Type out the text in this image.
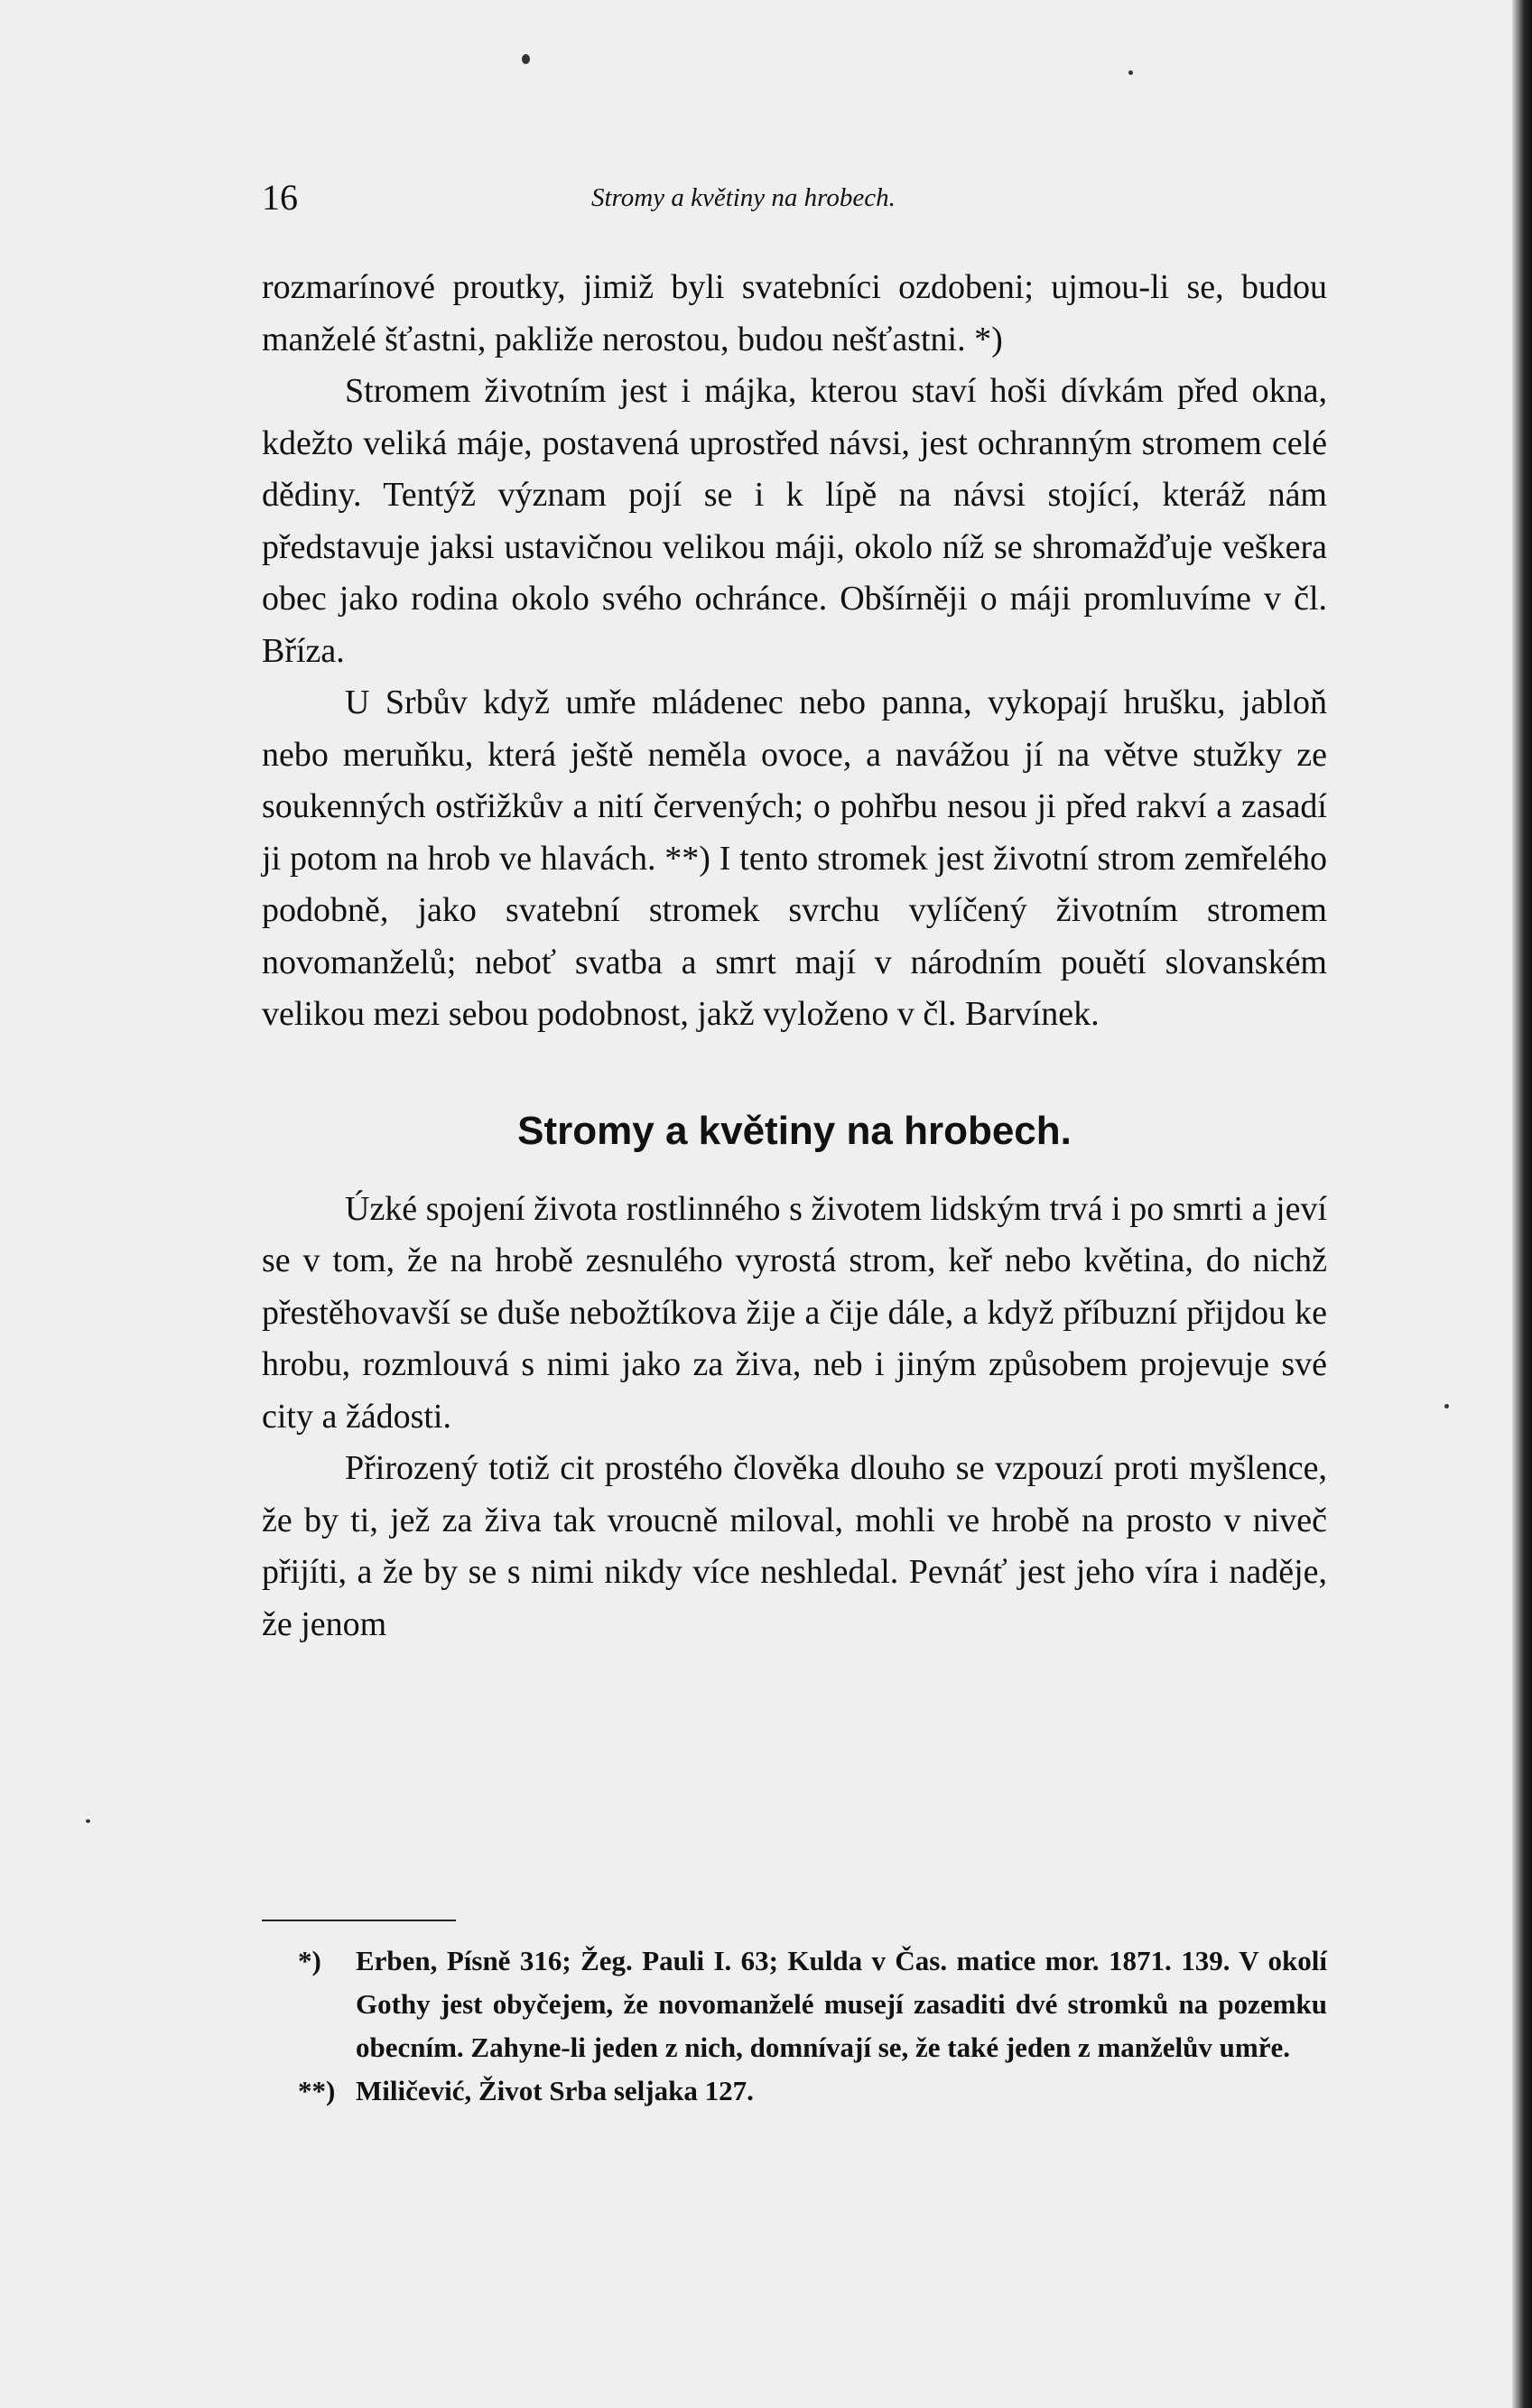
16	Stromy a květiny na hrobech.

rozmarínové proutky, jimiž byli svatebníci ozdobeni; ujmou-li se, budou manželé šťastni, pakliže nerostou, budou nešťastni. *)

Stromem životním jest i májka, kterou staví hoši dívkám před okna, kdežto veliká máje, postavená uprostřed návsi, jest ochranným stromem celé dědiny. Tentýž význam pojí se i k lípě na návsi stojící, kteráž nám představuje jaksi ustavičnou velikou máji, okolo níž se shromažďuje veškera obec jako rodina okolo svého ochránce. Obšírněji o máji promluvíme v čl. Bříza.

U Srbův když umře mládenec nebo panna, vykopají hrušku, jabloň nebo meruňku, která ještě neměla ovoce, a navážou jí na větve stužky ze soukenných ostřižkův a nití červených; o pohřbu nesou ji před rakví a zasadí ji potom na hrob ve hlavách. **) I tento stromek jest životní strom zemřelého podobně, jako svatební stromek svrchu vylíčený životním stromem novomanželů; neboť svatba a smrt mají v národním pouětí slovanském velikou mezi sebou podobnost, jakž vyloženo v čl. Barvínek.

Stromy a květiny na hrobech.

Úzké spojení života rostlinného s životem lidským trvá i po smrti a jeví se v tom, že na hrobě zesnulého vyrostá strom, keř nebo květina, do nichž přestěhovavší se duše nebožtíkova žije a čije dále, a když příbuzní přijdou ke hrobu, rozmlouvá s nimi jako za živa, neb i jiným způsobem projevuje své city a žádosti.

Přirozený totiž cit prostého člověka dlouho se vzpouzí proti myšlence, že by ti, jež za živa tak vroucně miloval, mohli ve hrobě na prosto v niveč přijíti, a že by se s nimi nikdy více neshledal. Pevnáť jest jeho víra i naděje, že jenom

*) Erben, Písně 316; Žeg. Pauli I. 63; Kulda v Čas. matice mor. 1871. 139. V okolí Gothy jest obyčejem, že novomanželé musejí zasaditi dvé stromků na pozemku obecním. Zahyne-li jeden z nich, domnívají se, že také jeden z manželův umře.

**) Miličević, Život Srba seljaka 127.
